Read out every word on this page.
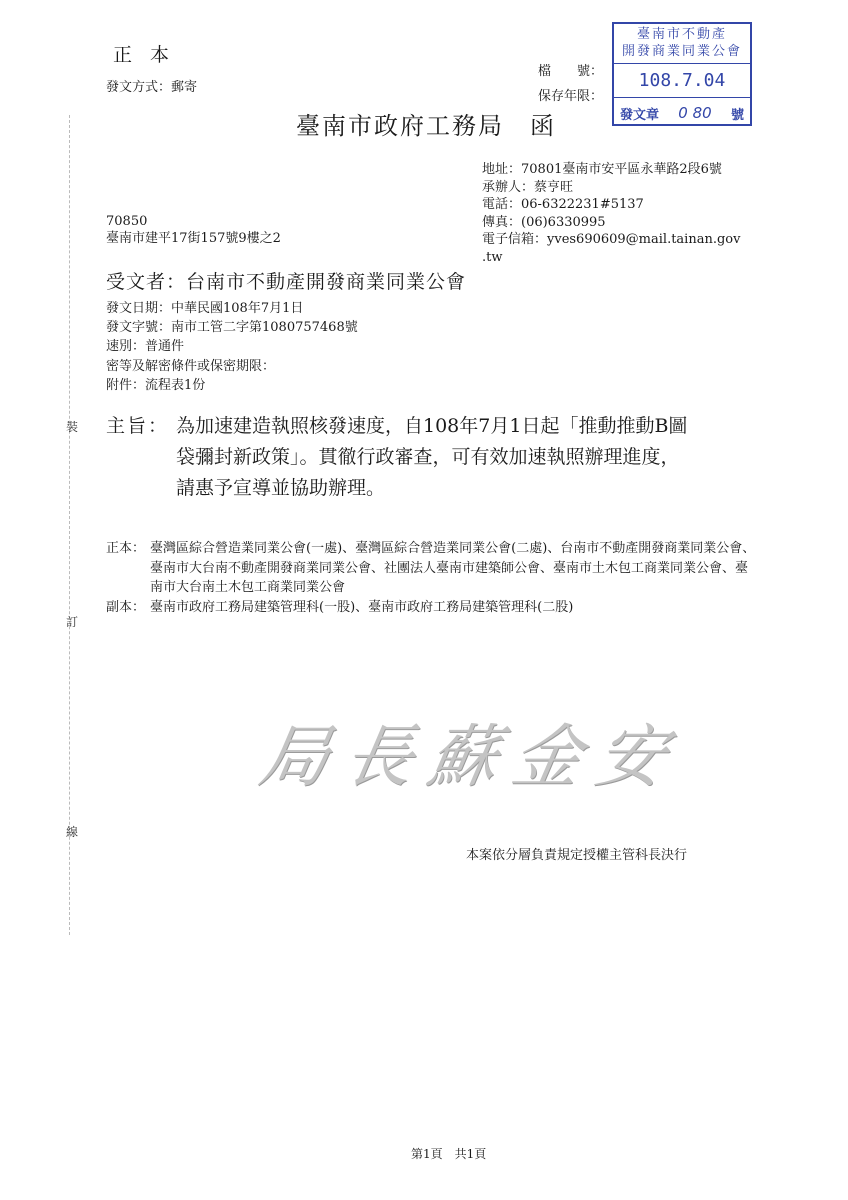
裝
訂
線
正 本
發文方式：郵寄
檔　　號：
保存年限：
臺南市不動產
開發商業同業公會
108.7.04
發文章 0 80 號
臺南市政府工務局　函
地址：70801臺南市安平區永華路2段6號
承辦人：蔡亨旺
電話：06-6322231#5137
傳真：(06)6330995
電子信箱：yves690609@mail.tainan.gov
.tw
70850
臺南市建平17街157號9樓之2
受文者：台南市不動產開發商業同業公會
發文日期：中華民國108年7月1日
發文字號：南市工管二字第1080757468號
速別：普通件
密等及解密條件或保密期限：
附件：流程表1份
主旨： 為加速建造執照核發速度，自108年7月1日起「推動推動B圖
袋彌封新政策」。貫徹行政審查，可有效加速執照辦理進度，
請惠予宣導並協助辦理。
正本： 臺灣區綜合營造業同業公會(一處)、臺灣區綜合營造業同業公會(二處)、台南市不動產開發商業同業公會、臺南市大台南不動產開發商業同業公會、社團法人臺南市建築師公會、臺南市土木包工商業同業公會、臺南市大台南土木包工商業同業公會
副本： 臺南市政府工務局建築管理科(一股)、臺南市政府工務局建築管理科(二股)
局長蘇金安
本案依分層負責規定授權主管科長決行
第1頁　共1頁
